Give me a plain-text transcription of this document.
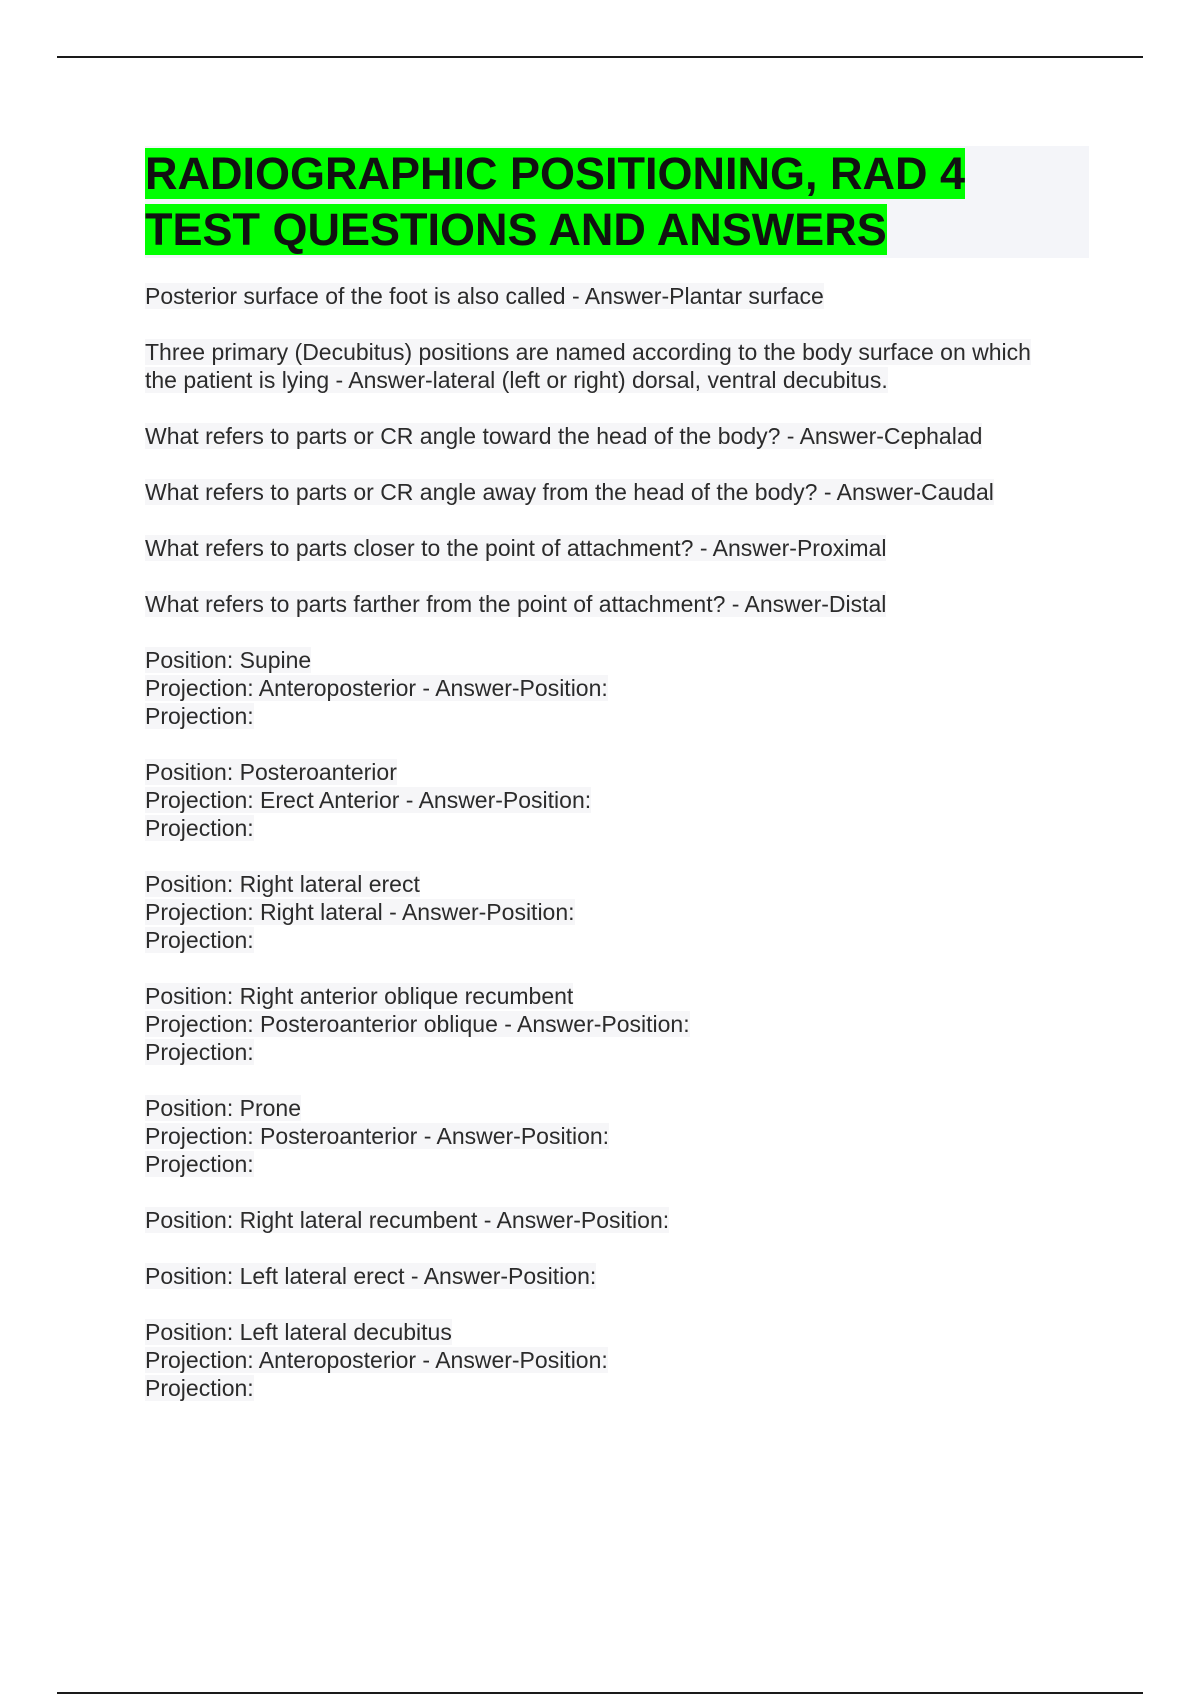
RADIOGRAPHIC POSITIONING, RAD 4
TEST QUESTIONS AND ANSWERS
Posterior surface of the foot is also called - Answer-Plantar surface
Three primary (Decubitus) positions are named according to the body surface on which
the patient is lying - Answer-lateral (left or right) dorsal, ventral decubitus.
What refers to parts or CR angle toward the head of the body? - Answer-Cephalad
What refers to parts or CR angle away from the head of the body? - Answer-Caudal
What refers to parts closer to the point of attachment? - Answer-Proximal
What refers to parts farther from the point of attachment? - Answer-Distal
Position: Supine
Projection: Anteroposterior - Answer-Position:
Projection:
Position: Posteroanterior
Projection: Erect Anterior - Answer-Position:
Projection:
Position: Right lateral erect
Projection: Right lateral - Answer-Position:
Projection:
Position: Right anterior oblique recumbent
Projection: Posteroanterior oblique - Answer-Position:
Projection:
Position: Prone
Projection: Posteroanterior - Answer-Position:
Projection:
Position: Right lateral recumbent - Answer-Position:
Position: Left lateral erect - Answer-Position:
Position: Left lateral decubitus
Projection: Anteroposterior - Answer-Position:
Projection:
